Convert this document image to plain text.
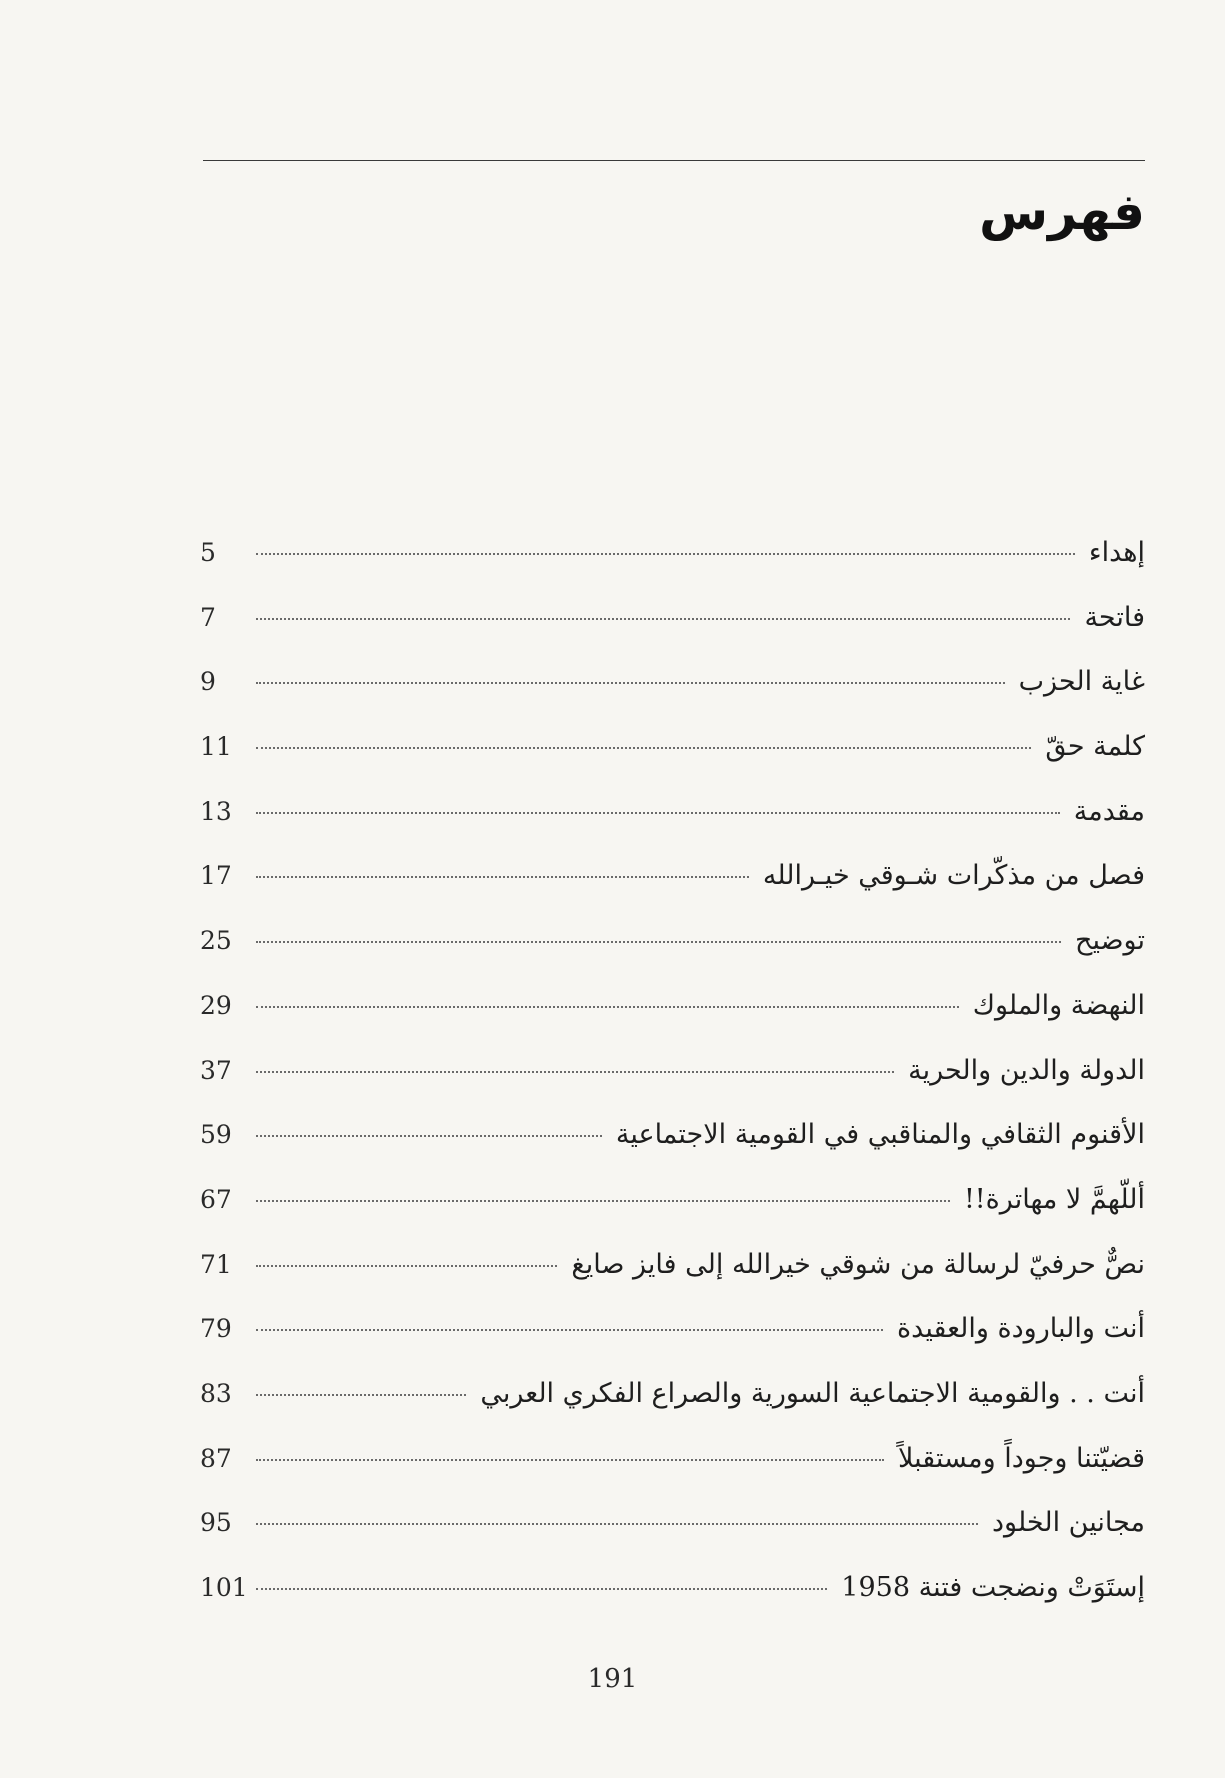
فهرس
إهداء
5
فاتحة
7
غاية الحزب
9
كلمة حقّ
11
مقدمة
13
فصل من مذكّرات شـوقي خيـرالله
17
توضيح
25
النهضة والملوك
29
الدولة والدين والحرية
37
الأقنوم الثقافي والمناقبي في القومية الاجتماعية
59
أللّهمَّ لا مهاترة!!
67
نصٌّ حرفيّ لرسالة من شوقي خيرالله إلى فايز صايغ
71
أنت والبارودة والعقيدة
79
أنت . . والقومية الاجتماعية السورية والصراع الفكري العربي
83
قضيّتنا وجوداً ومستقبلاً
87
مجانين الخلود
95
إستَوَتْ ونضجت فتنة 1958
101
191
